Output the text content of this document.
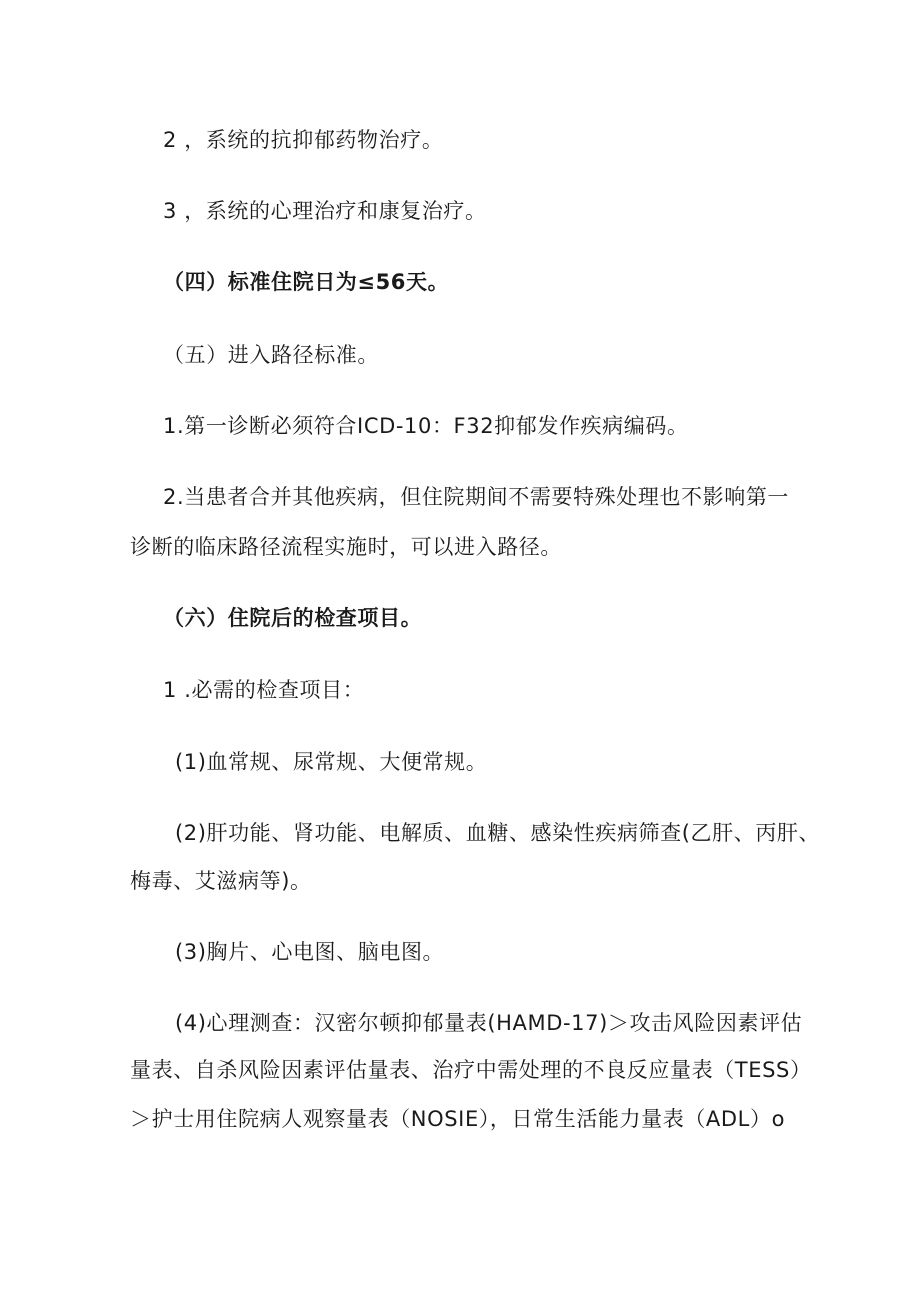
2 ，系统的抗抑郁药物治疗。

3 ，系统的心理治疗和康复治疗。

（四）标准住院日为≤56天。

（五）进入路径标准。

1.第一诊断必须符合ICD-10：F32抑郁发作疾病编码。

2.当患者合并其他疾病，但住院期间不需要特殊处理也不影响第一

诊断的临床路径流程实施时，可以进入路径。

（六）住院后的检查项目。

1 .必需的检查项目：

(1)血常规、尿常规、大便常规。

(2)肝功能、肾功能、电解质、血糖、感染性疾病筛查(乙肝、丙肝、

梅毒、艾滋病等)。

(3)胸片、心电图、脑电图。

(4)心理测查：汉密尔顿抑郁量表(HAMD-17)＞攻击风险因素评估

量表、自杀风险因素评估量表、治疗中需处理的不良反应量表（TESS）

＞护士用住院病人观察量表（NOSIE），日常生活能力量表（ADL）o
